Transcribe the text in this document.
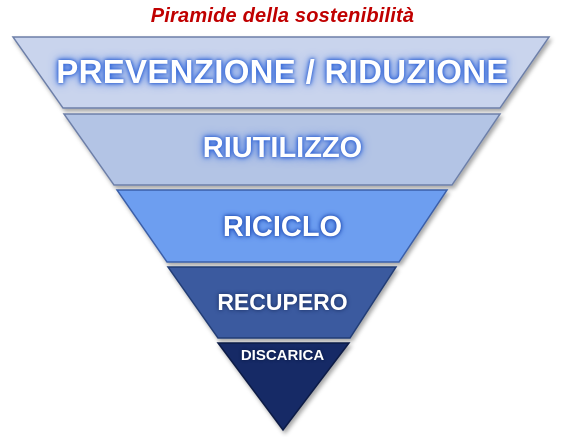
Piramide della sostenibilità
PREVENZIONE / RIDUZIONE
RIUTILIZZO
RICICLO
RECUPERO
DISCARICA
